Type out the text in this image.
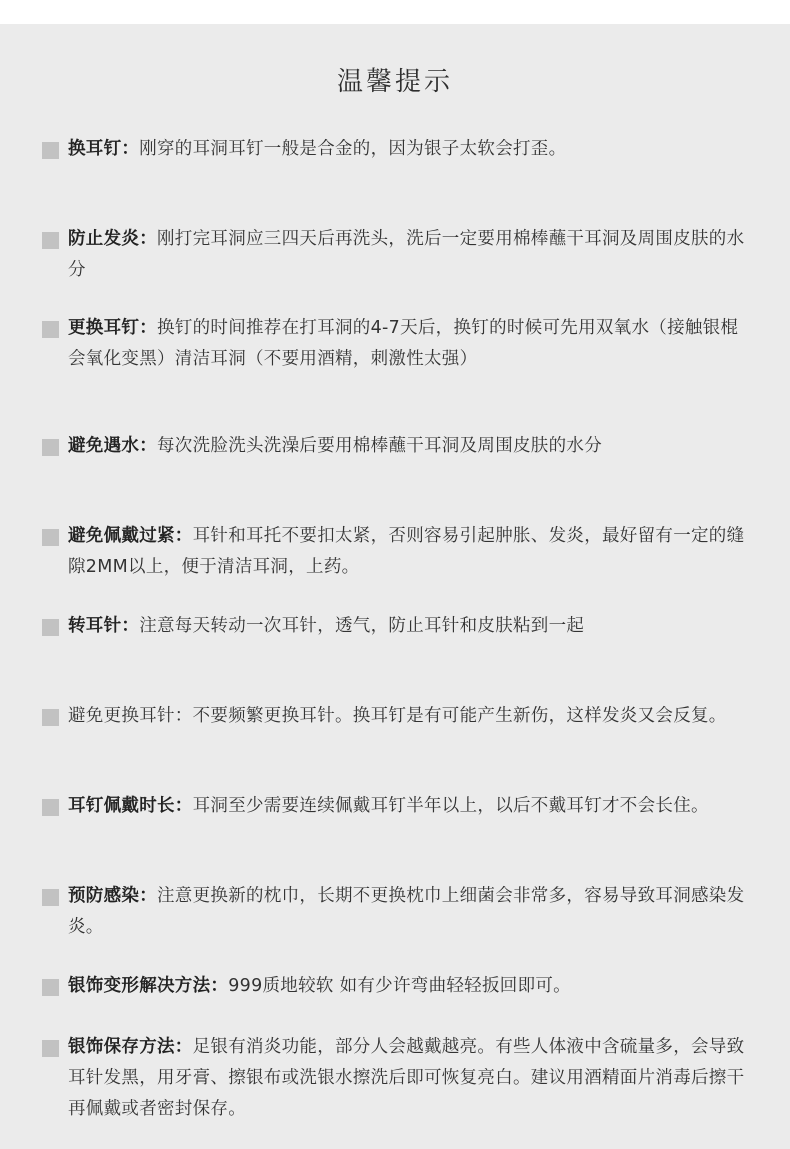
温馨提示
换耳钉：刚穿的耳洞耳钉一般是合金的，因为银子太软会打歪。
防止发炎：刚打完耳洞应三四天后再洗头，洗后一定要用棉棒蘸干耳洞及周围皮肤的水分
更换耳钉：换钉的时间推荐在打耳洞的4-7天后，换钉的时候可先用双氧水（接触银棍会氧化变黑）清洁耳洞（不要用酒精，刺激性太强）
避免遇水：每次洗脸洗头洗澡后要用棉棒蘸干耳洞及周围皮肤的水分
避免佩戴过紧：耳针和耳托不要扣太紧，否则容易引起肿胀、发炎，最好留有一定的缝隙2MM以上，便于清洁耳洞，上药。
转耳针：注意每天转动一次耳针，透气，防止耳针和皮肤粘到一起
避免更换耳针：不要频繁更换耳针。换耳钉是有可能产生新伤，这样发炎又会反复。
耳钉佩戴时长：耳洞至少需要连续佩戴耳钉半年以上，以后不戴耳钉才不会长住。
预防感染：注意更换新的枕巾，长期不更换枕巾上细菌会非常多，容易导致耳洞感染发炎。
银饰变形解决方法：999质地较软 如有少许弯曲轻轻扳回即可。
银饰保存方法：足银有消炎功能，部分人会越戴越亮。有些人体液中含硫量多，会导致耳针发黑，用牙膏、擦银布或洗银水擦洗后即可恢复亮白。建议用酒精面片消毒后擦干再佩戴或者密封保存。
